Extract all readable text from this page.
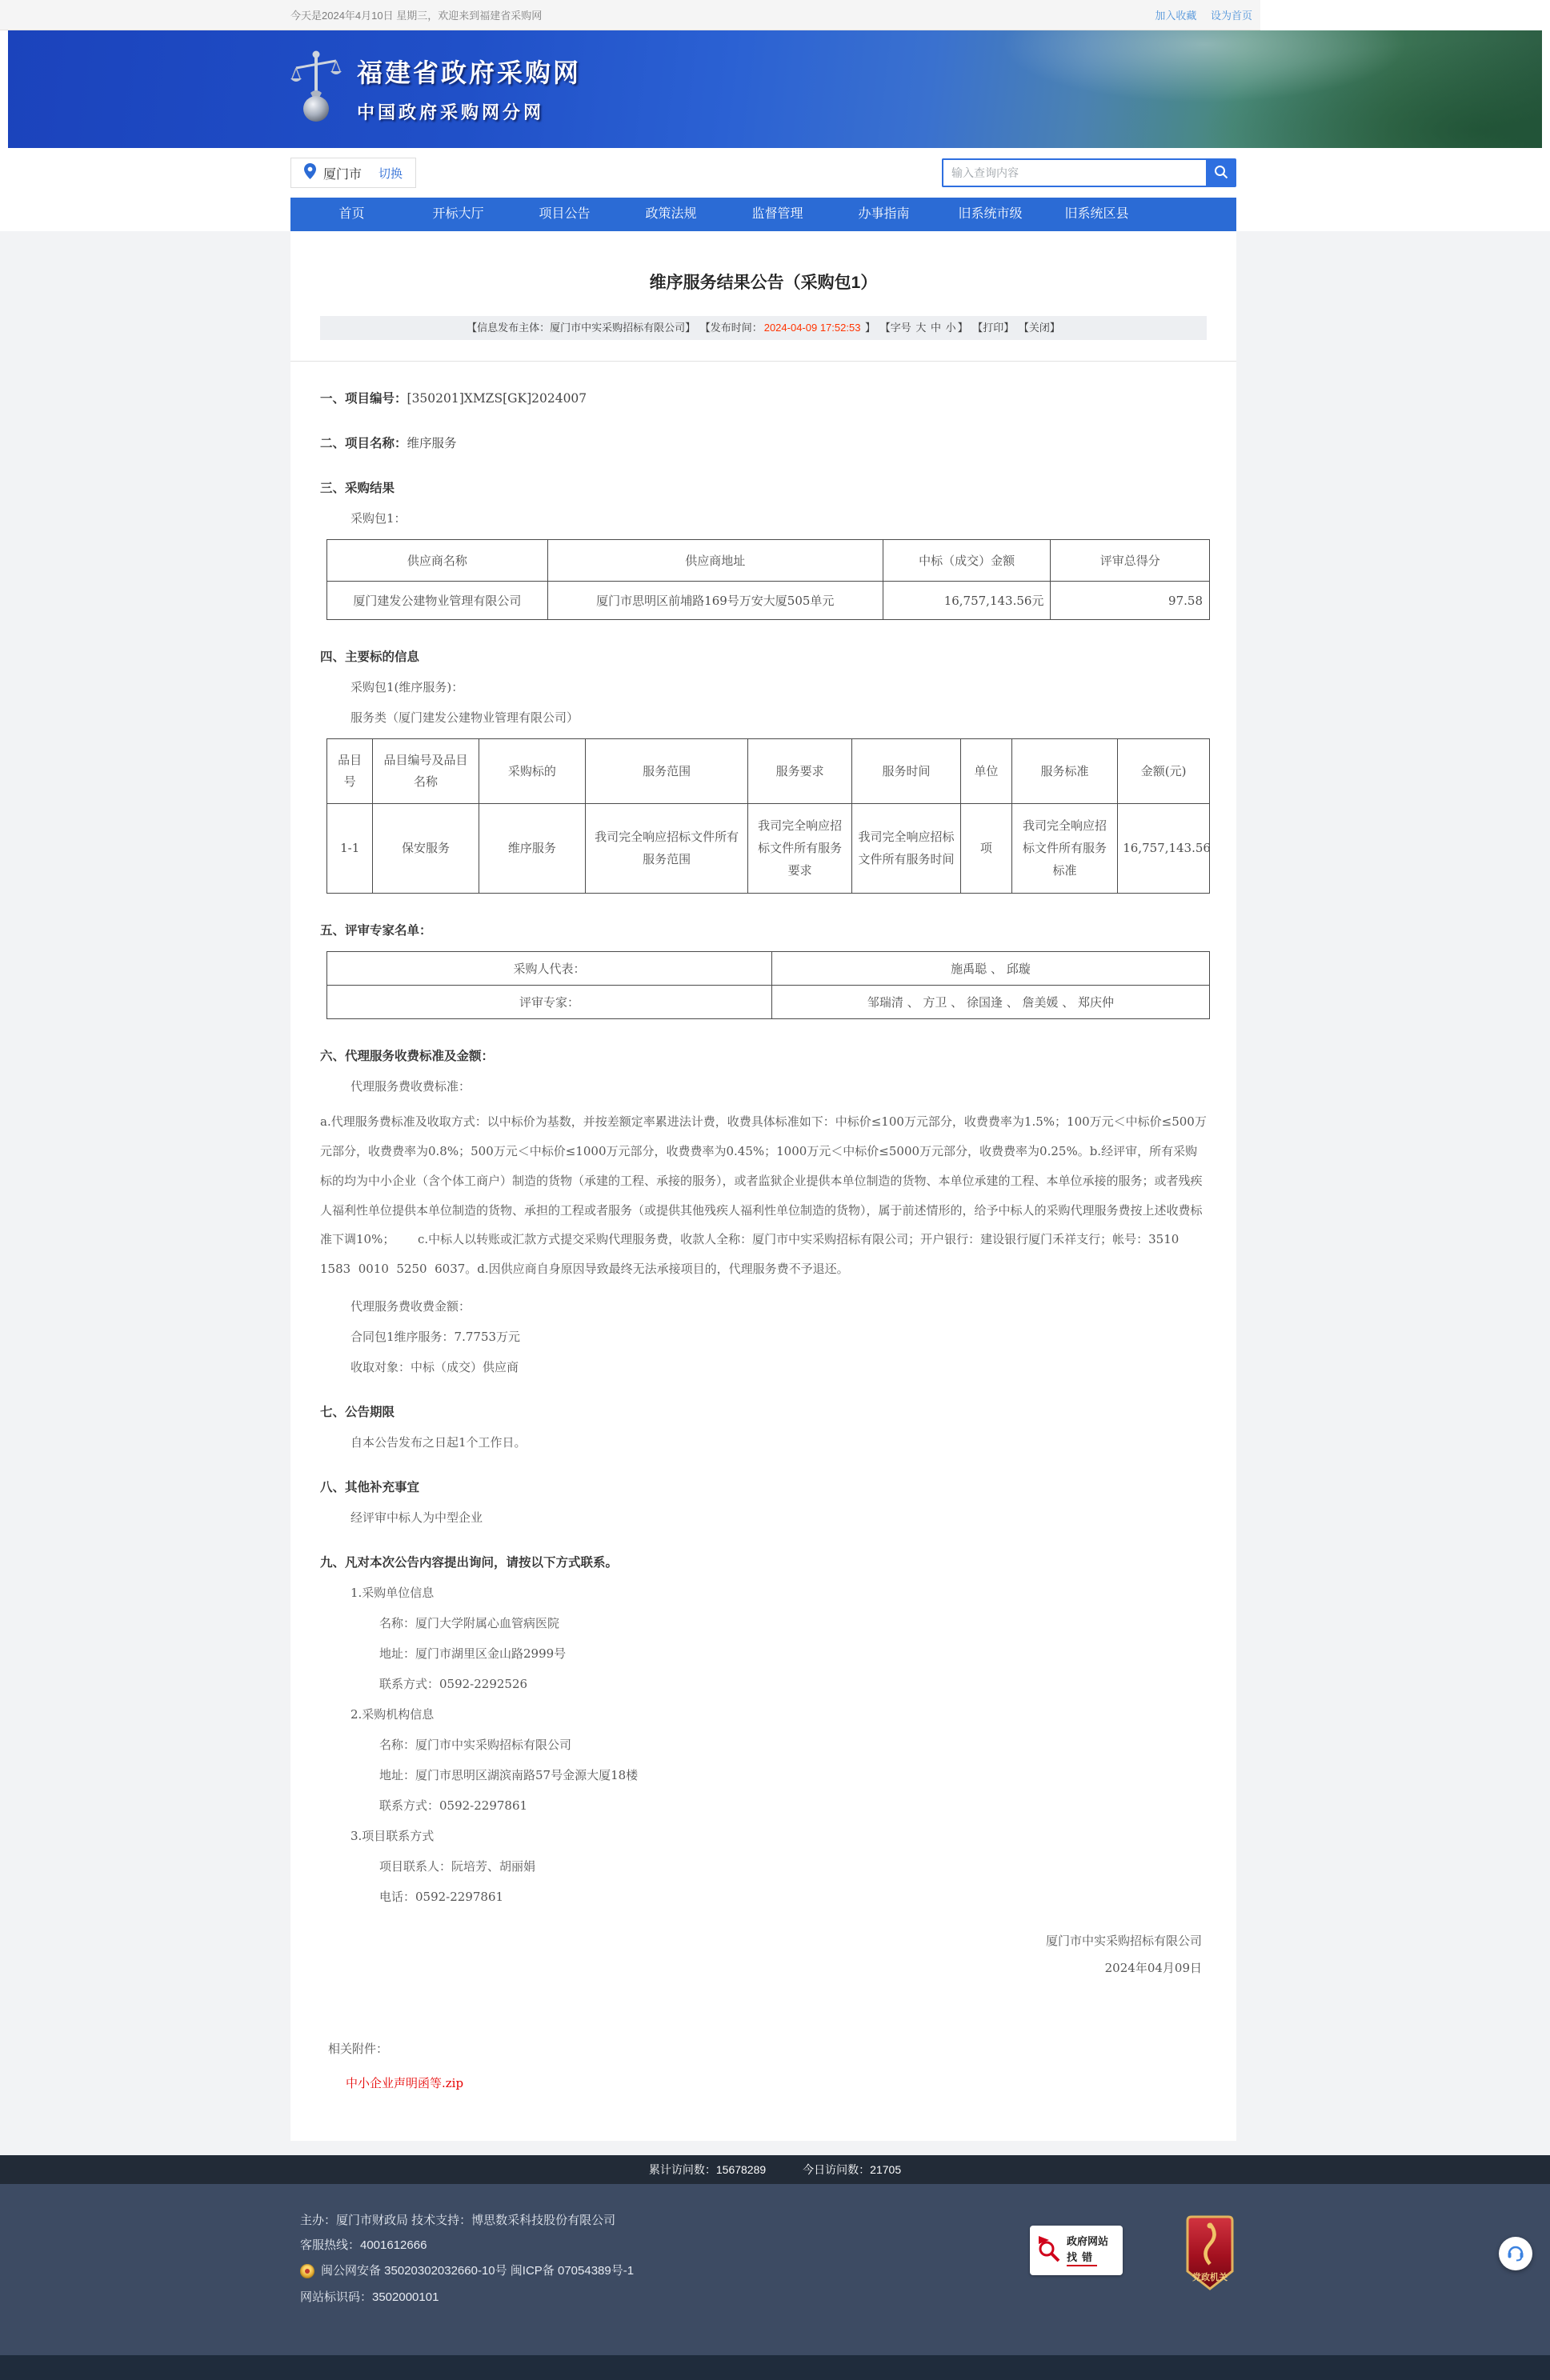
今天是2024年4月10日 星期三，欢迎来到福建省采购网	加入收藏 设为首页
福建省政府采购网
中国政府采购网分网
厦门市 切换
输入查询内容
首页	开标大厅	项目公告	政策法规	监督管理	办事指南	旧系统市级	旧系统区县
维序服务结果公告（采购包1）
【信息发布主体：厦门市中实采购招标有限公司】 【发布时间： 2024-04-09 17:52:53 】 【字号 大 中 小 】 【打印】 【关闭】
一、项目编号：[350201]XMZS[GK]2024007
二、项目名称：维序服务
三、采购结果
采购包1：
供应商名称	供应商地址	中标（成交）金额	评审总得分
厦门建发公建物业管理有限公司	厦门市思明区前埔路169号万安大厦505单元	16,757,143.56元	97.58
四、主要标的信息
采购包1(维序服务)：
服务类（厦门建发公建物业管理有限公司）
品目号	品目编号及品目名称	采购标的	服务范围	服务要求	服务时间	单位	服务标准	金额(元)
1-1	保安服务	维序服务	我司完全响应招标文件所有服务范围	我司完全响应招标文件所有服务要求	我司完全响应招标文件所有服务时间	项	我司完全响应招标文件所有服务标准	16,757,143.56
五、评审专家名单：
采购人代表：	施禹聪 、 邱璇
评审专家：	邹瑞清 、 方卫 、 徐国逢 、 詹美媛 、 郑庆仲
六、代理服务收费标准及金额：
代理服务费收费标准：
a.代理服务费标准及收取方式：以中标价为基数，并按差额定率累进法计费，收费具体标准如下：中标价≤100万元部分，收费费率为1.5%；100万元＜中标价≤500万元部分，收费费率为0.8%；500万元＜中标价≤1000万元部分，收费费率为0.45%；1000万元＜中标价≤5000万元部分，收费费率为0.25%。b.经评审，所有采购标的均为中小企业（含个体工商户）制造的货物（承建的工程、承接的服务），或者监狱企业提供本单位制造的货物、本单位承建的工程、本单位承接的服务；或者残疾人福利性单位提供本单位制造的货物、承担的工程或者服务（或提供其他残疾人福利性单位制造的货物），属于前述情形的，给予中标人的采购代理服务费按上述收费标准下调10%；      c.中标人以转账或汇款方式提交采购代理服务费，收款人全称：厦门市中实采购招标有限公司；开户银行：建设银行厦门禾祥支行；帐号：3510  1583  0010  5250  6037。d.因供应商自身原因导致最终无法承接项目的，代理服务费不予退还。
代理服务费收费金额：
合同包1维序服务：7.7753万元
收取对象：中标（成交）供应商
七、公告期限
自本公告发布之日起1个工作日。
八、其他补充事宜
经评审中标人为中型企业
九、凡对本次公告内容提出询问，请按以下方式联系。
1.采购单位信息
名称：厦门大学附属心血管病医院
地址：厦门市湖里区金山路2999号
联系方式：0592-2292526
2.采购机构信息
名称：厦门市中实采购招标有限公司
地址：厦门市思明区湖滨南路57号金源大厦18楼
联系方式：0592-2297861
3.项目联系方式
项目联系人：阮培芳、胡丽娟
电话：0592-2297861
厦门市中实采购招标有限公司
2024年04月09日
相关附件：
中小企业声明函等.zip
累计访问数：15678289	今日访问数：21705
主办：厦门市财政局 技术支持：博思数采科技股份有限公司
客服热线：4001612666
闽公网安备 35020302032660-10号 闽ICP备 07054389号-1
网站标识码：3502000101
政府网站
找错
党政机关
